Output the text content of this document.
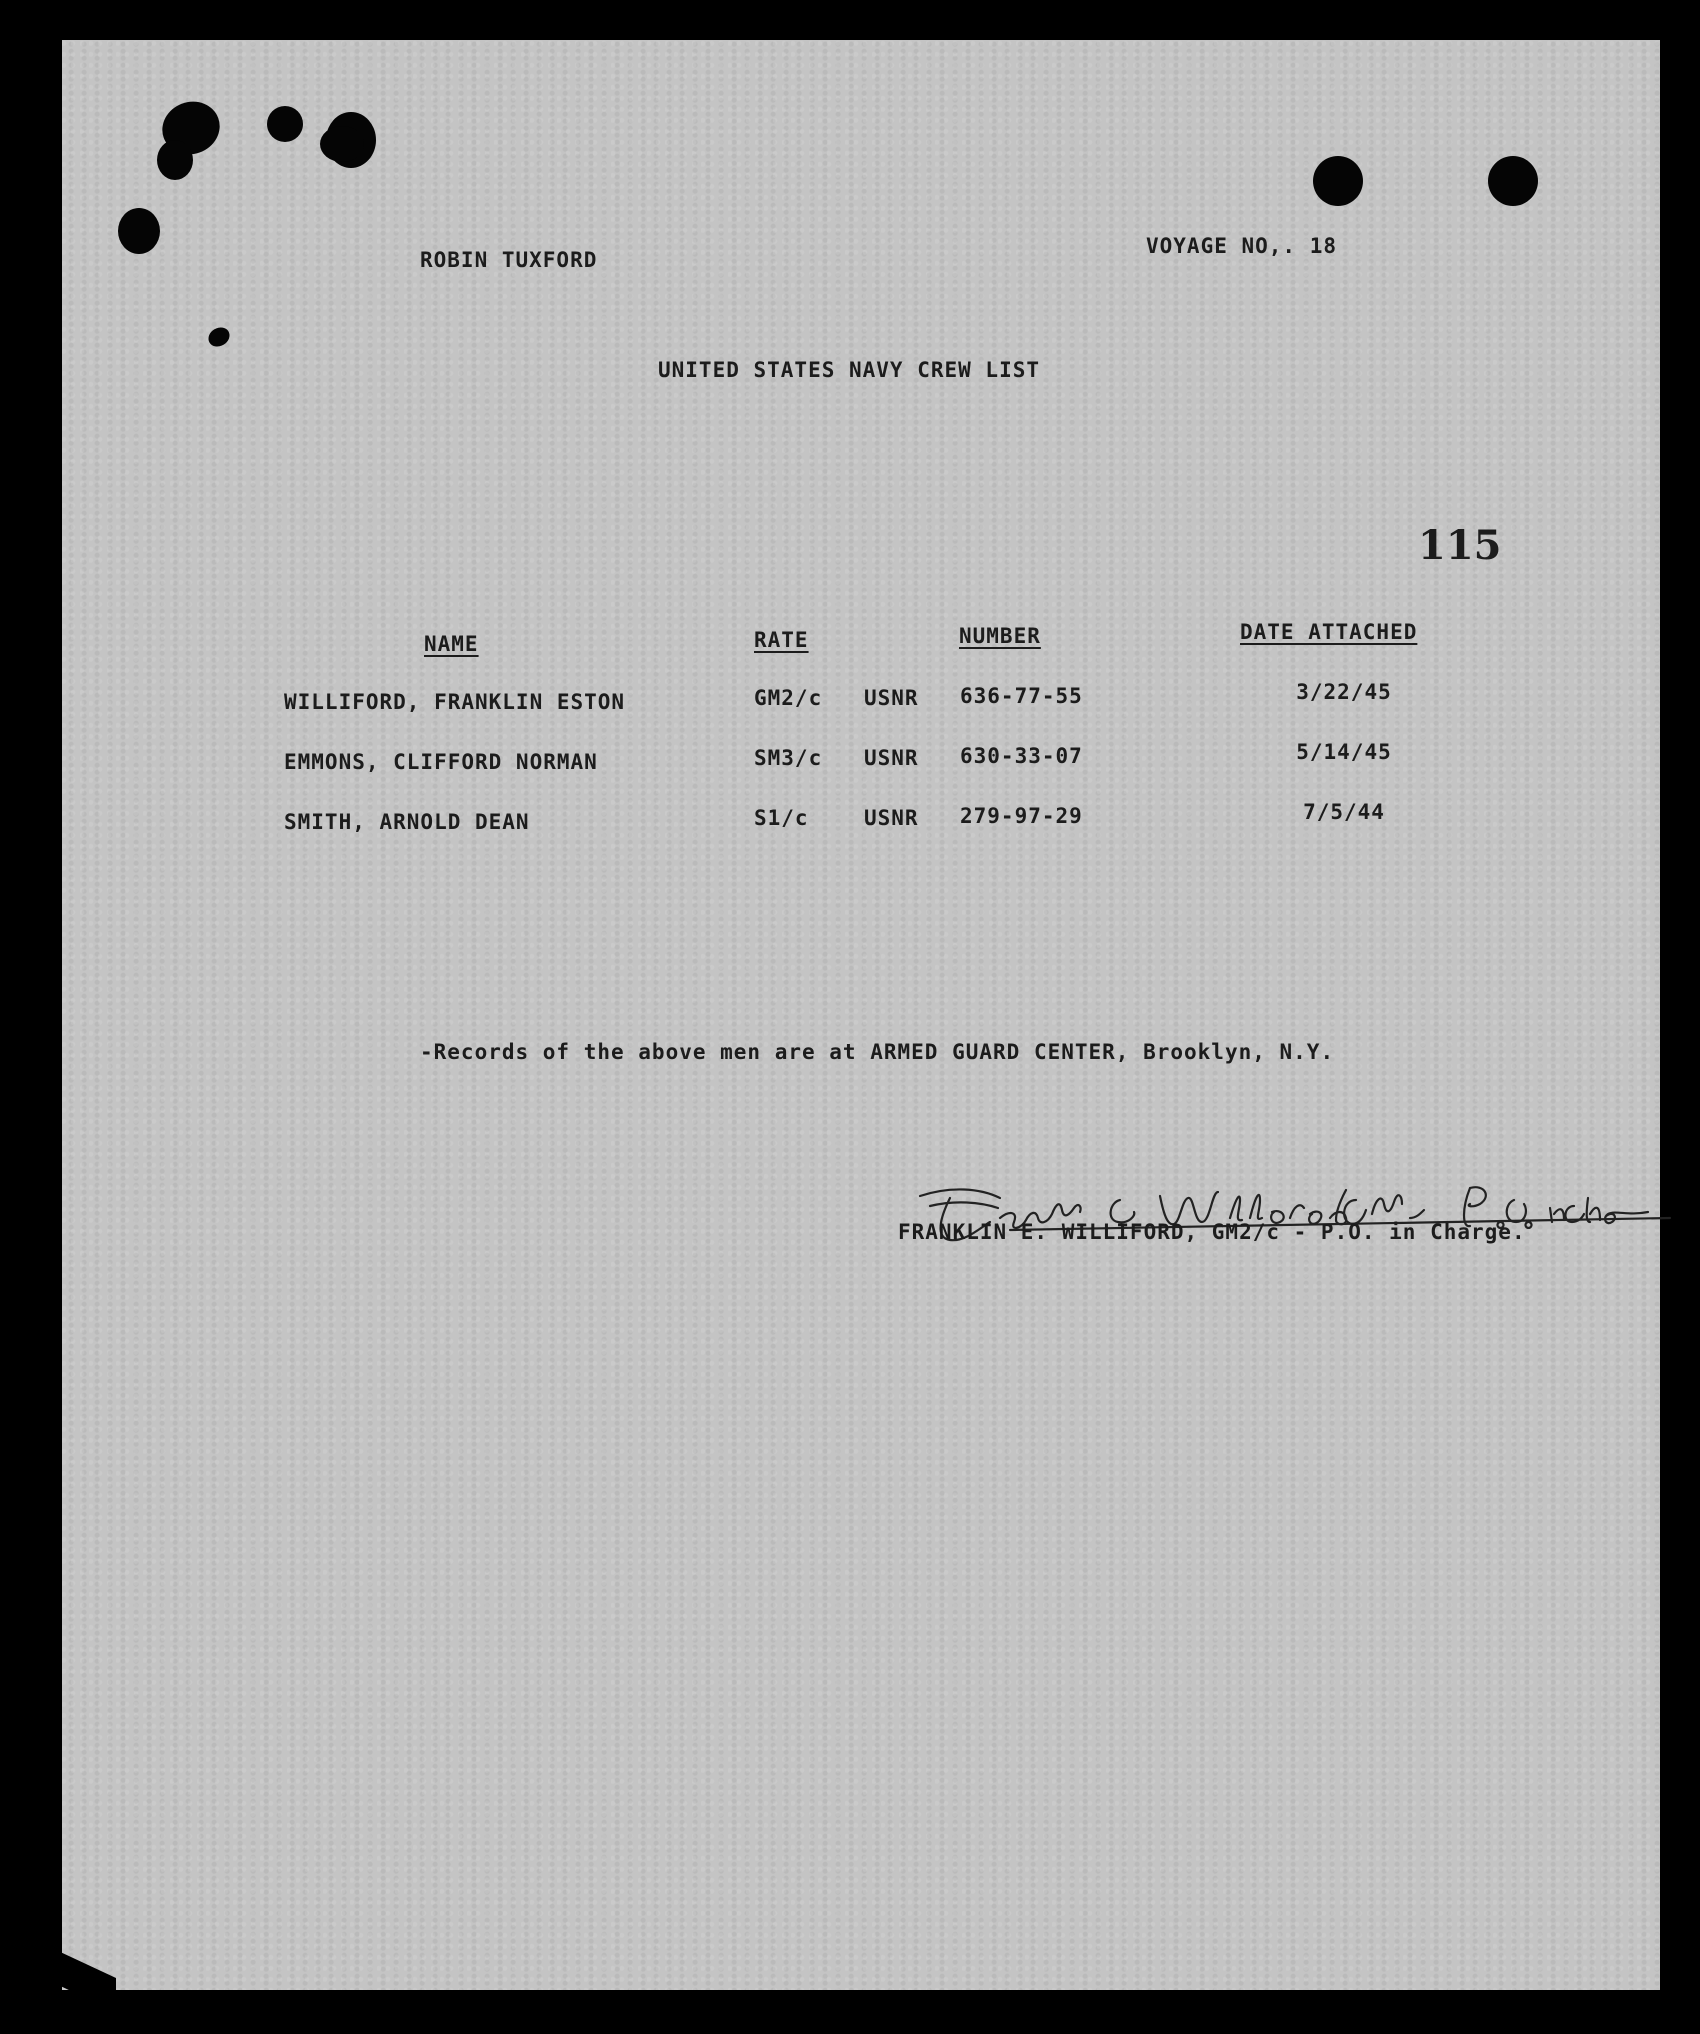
ROBIN TUXFORD
VOYAGE NO,. 18
UNITED STATES NAVY CREW LIST
115
NAME	RATE	NUMBER	DATE ATTACHED
WILLIFORD, FRANKLIN ESTON	GM2/c USNR 636-77-55	3/22/45
EMMONS, CLIFFORD NORMAN	SM3/c USNR 630-33-07	5/14/45
SMITH, ARNOLD DEAN	S1/c	USNR 279-97-29	7/5/44
-Records of the above men are at ARMED GUARD CENTER, Brooklyn, N.Y.
FRANKLIN E. WILLIFORD, GM2/c - P.O. in Charge.
